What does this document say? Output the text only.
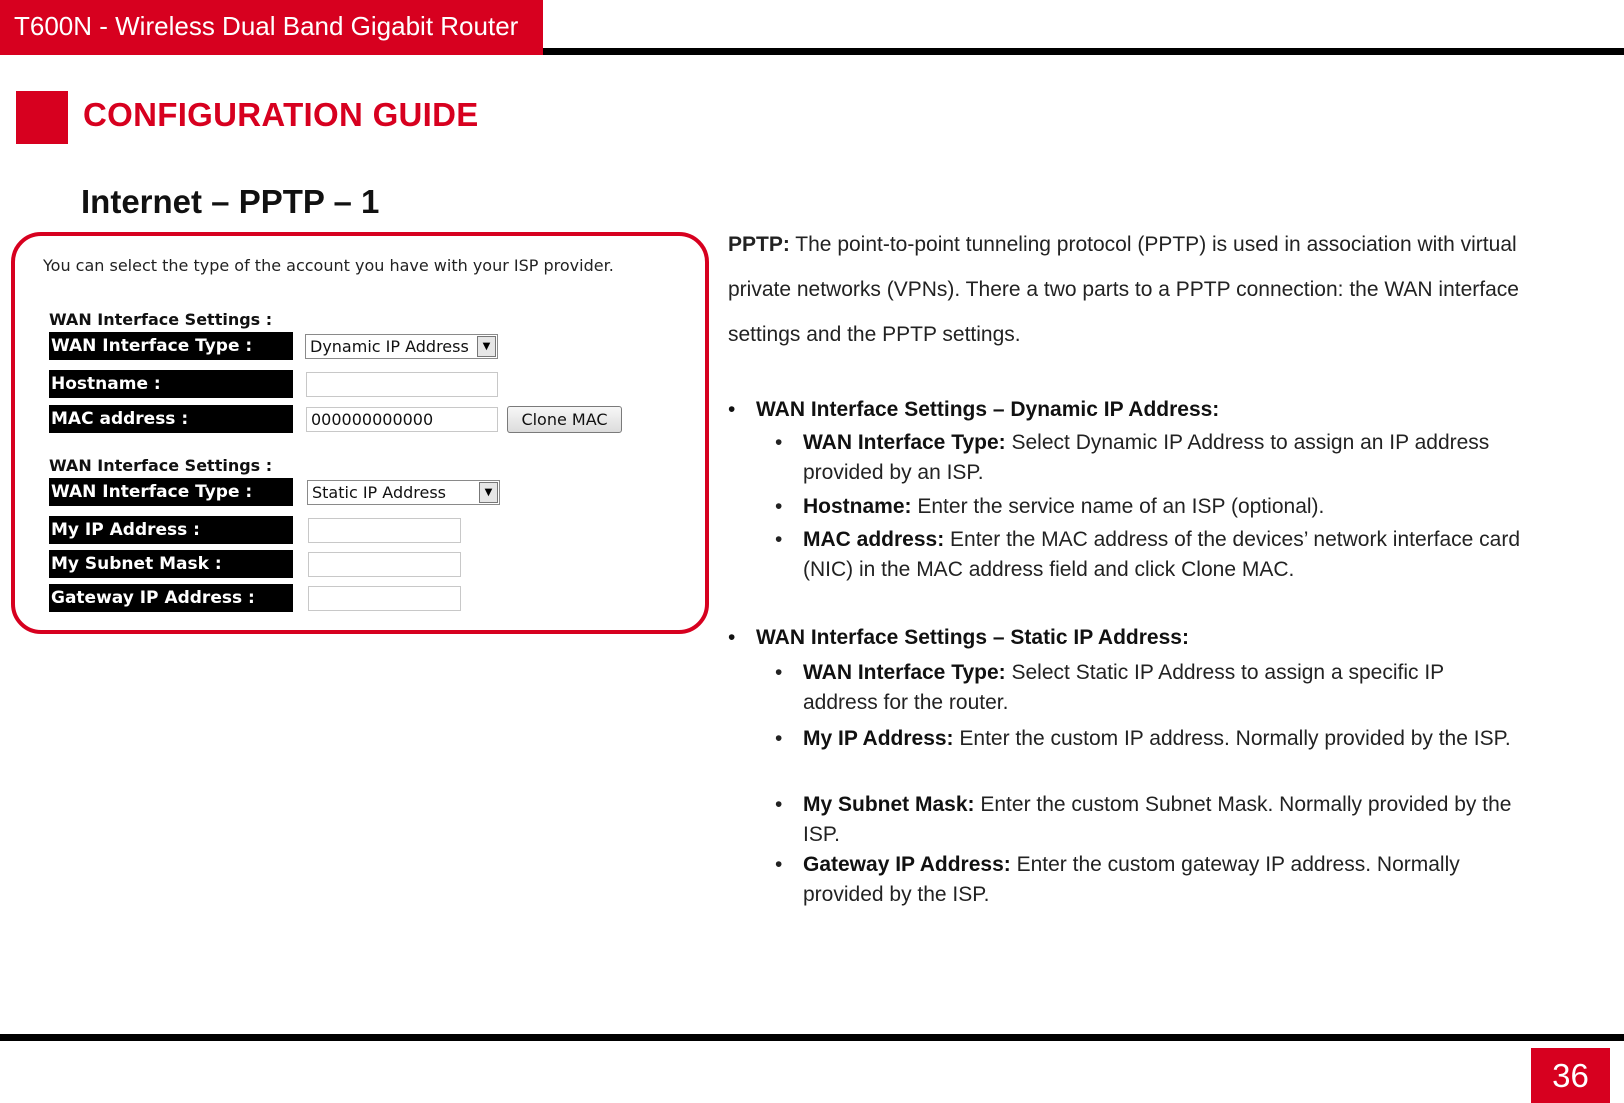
T600N - Wireless Dual Band Gigabit Router
CONFIGURATION GUIDE
Internet – PPTP – 1
You can select the type of the account you have with your ISP provider.
WAN Interface Settings :
WAN Interface Type :	Dynamic IP Address	▼
Hostname :
MAC address :	000000000000	Clone MAC
WAN Interface Settings :
WAN Interface Type :	Static IP Address	▼
My IP Address :
My Subnet Mask :
Gateway IP Address :
PPTP: The point-to-point tunneling protocol (PPTP) is used in association with virtual private networks (VPNs). There a two parts to a PPTP connection: the WAN interface settings and the PPTP settings.
• WAN Interface Settings – Dynamic IP Address:
• WAN Interface Type: Select Dynamic IP Address to assign an IP address provided by an ISP.
• Hostname: Enter the service name of an ISP (optional).
• MAC address: Enter the MAC address of the devices’ network interface card (NIC) in the MAC address field and click Clone MAC.
• WAN Interface Settings – Static IP Address:
• WAN Interface Type: Select Static IP Address to assign a specific IP address for the router.
• My IP Address: Enter the custom IP address. Normally provided by the ISP.
• My Subnet Mask: Enter the custom Subnet Mask. Normally provided by the ISP.
• Gateway IP Address: Enter the custom gateway IP address. Normally provided by the ISP.
36
